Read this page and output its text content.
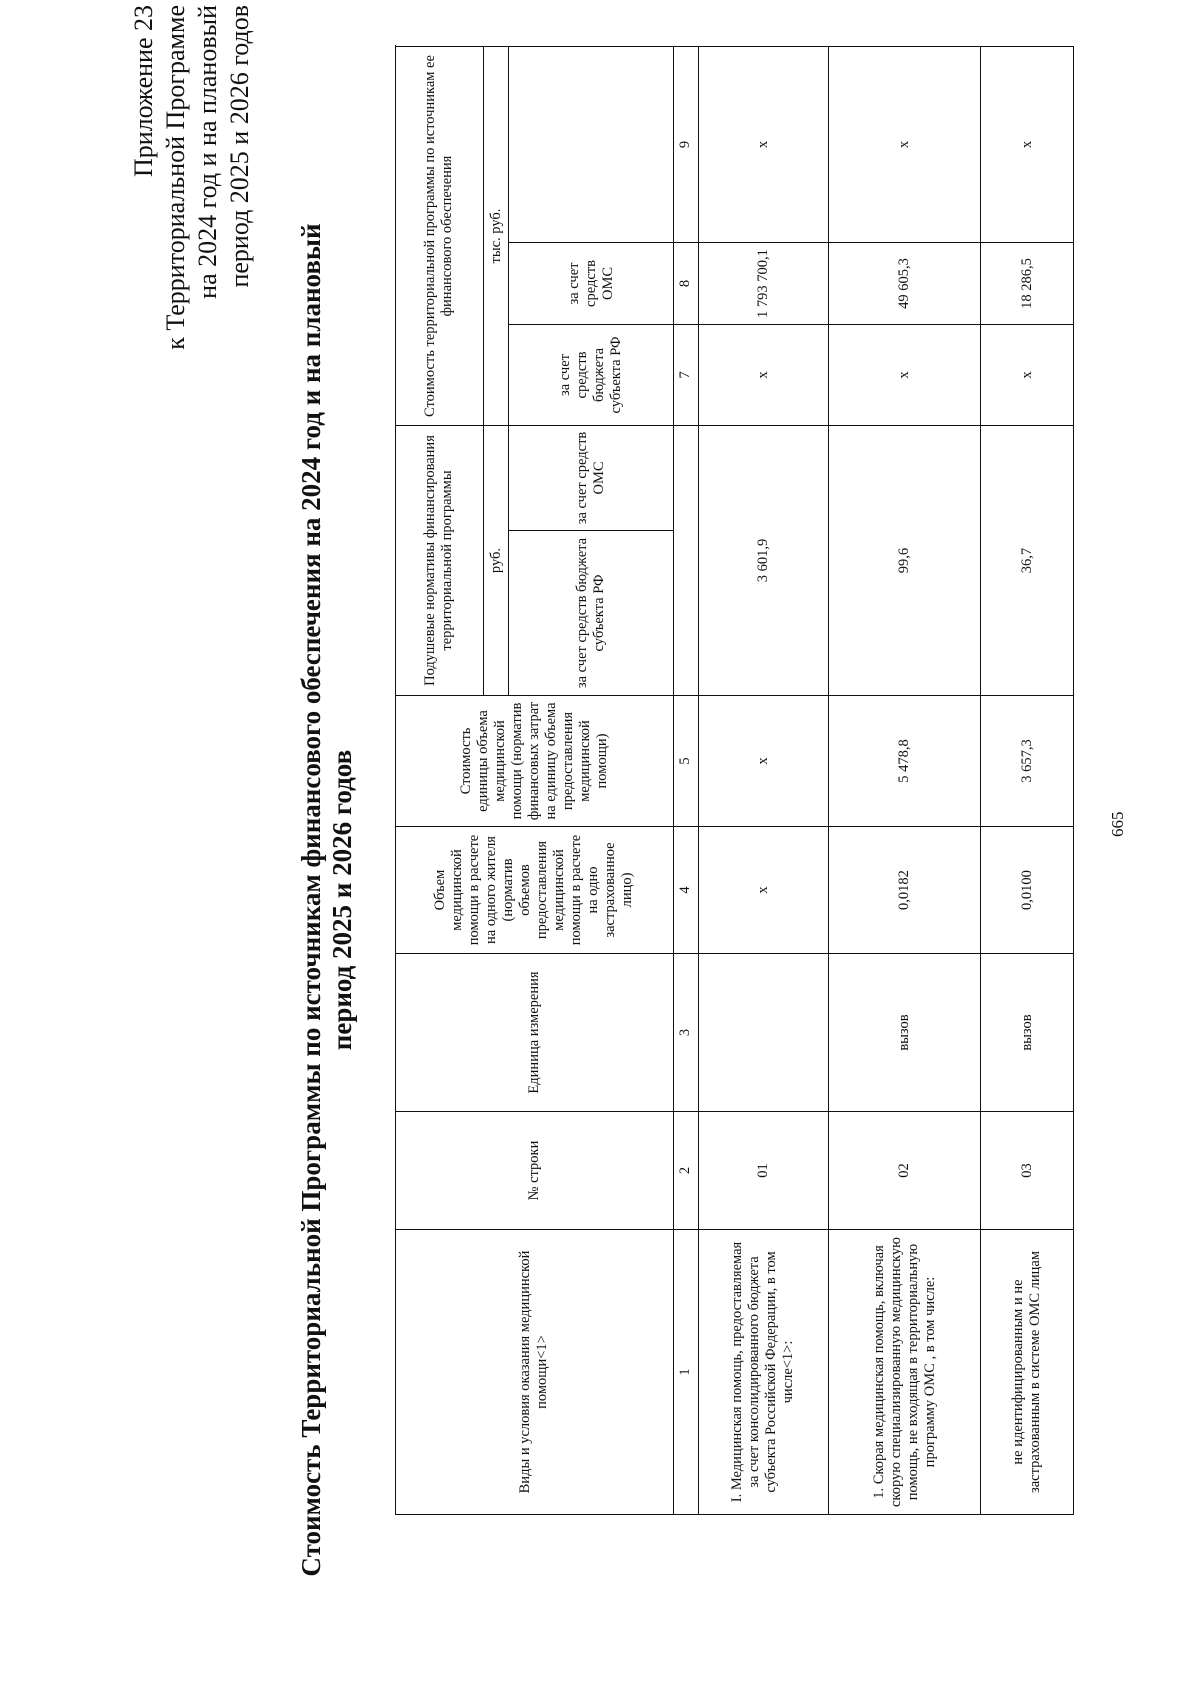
665
Приложение 23 к Территориальной Программе на 2024 год и на плановый период 2025 и 2026 годов
Стоимость Территориальной Программы по источникам финансового обеспечения на 2024 год и на плановый период 2025 и 2026 годов
Виды и условия оказания медицинской помощи<1>	№ строки	Единица измерения	Объем медицинской помощи в расчете на одного жителя (норматив объемов предоставления медицинской помощи в расчете на одно застрахованное лицо)	Стоимость единицы объема медицинской помощи (норматив финансовых затрат на единицу объема предоставления медицинской помощи)	Подушевые нормативы финансирования территориальной программы		Стоимость территориальной программы по источникам ее финансового обеспечения			
					руб.		тыс. руб.	
					за счет средств бюджета субъекта РФ	за счет средств ОМС	за счет средств бюджета субъекта РФ	за счет средств ОМС		
1	2	3	4	5			7	8	9	
I. Медицинская помощь, предоставляемая за счет консолидированного бюджета субъекта Российской Федерации, в том числе<1>:	01		х	х	3 601,9		х	1 793 700,1	х	
1. Скорая медицинская помощь, включая скорую специализированную медицинскую помощь, не входящая в территориальную программу ОМС , в том числе:	02	вызов	0,0182	5 478,8	99,6		х	49 605,3	х	
не идентифицированным и не застрахованным в системе ОМС лицам	03	вызов	0,0100	3 657,3	36,7		х	18 286,5	х	
